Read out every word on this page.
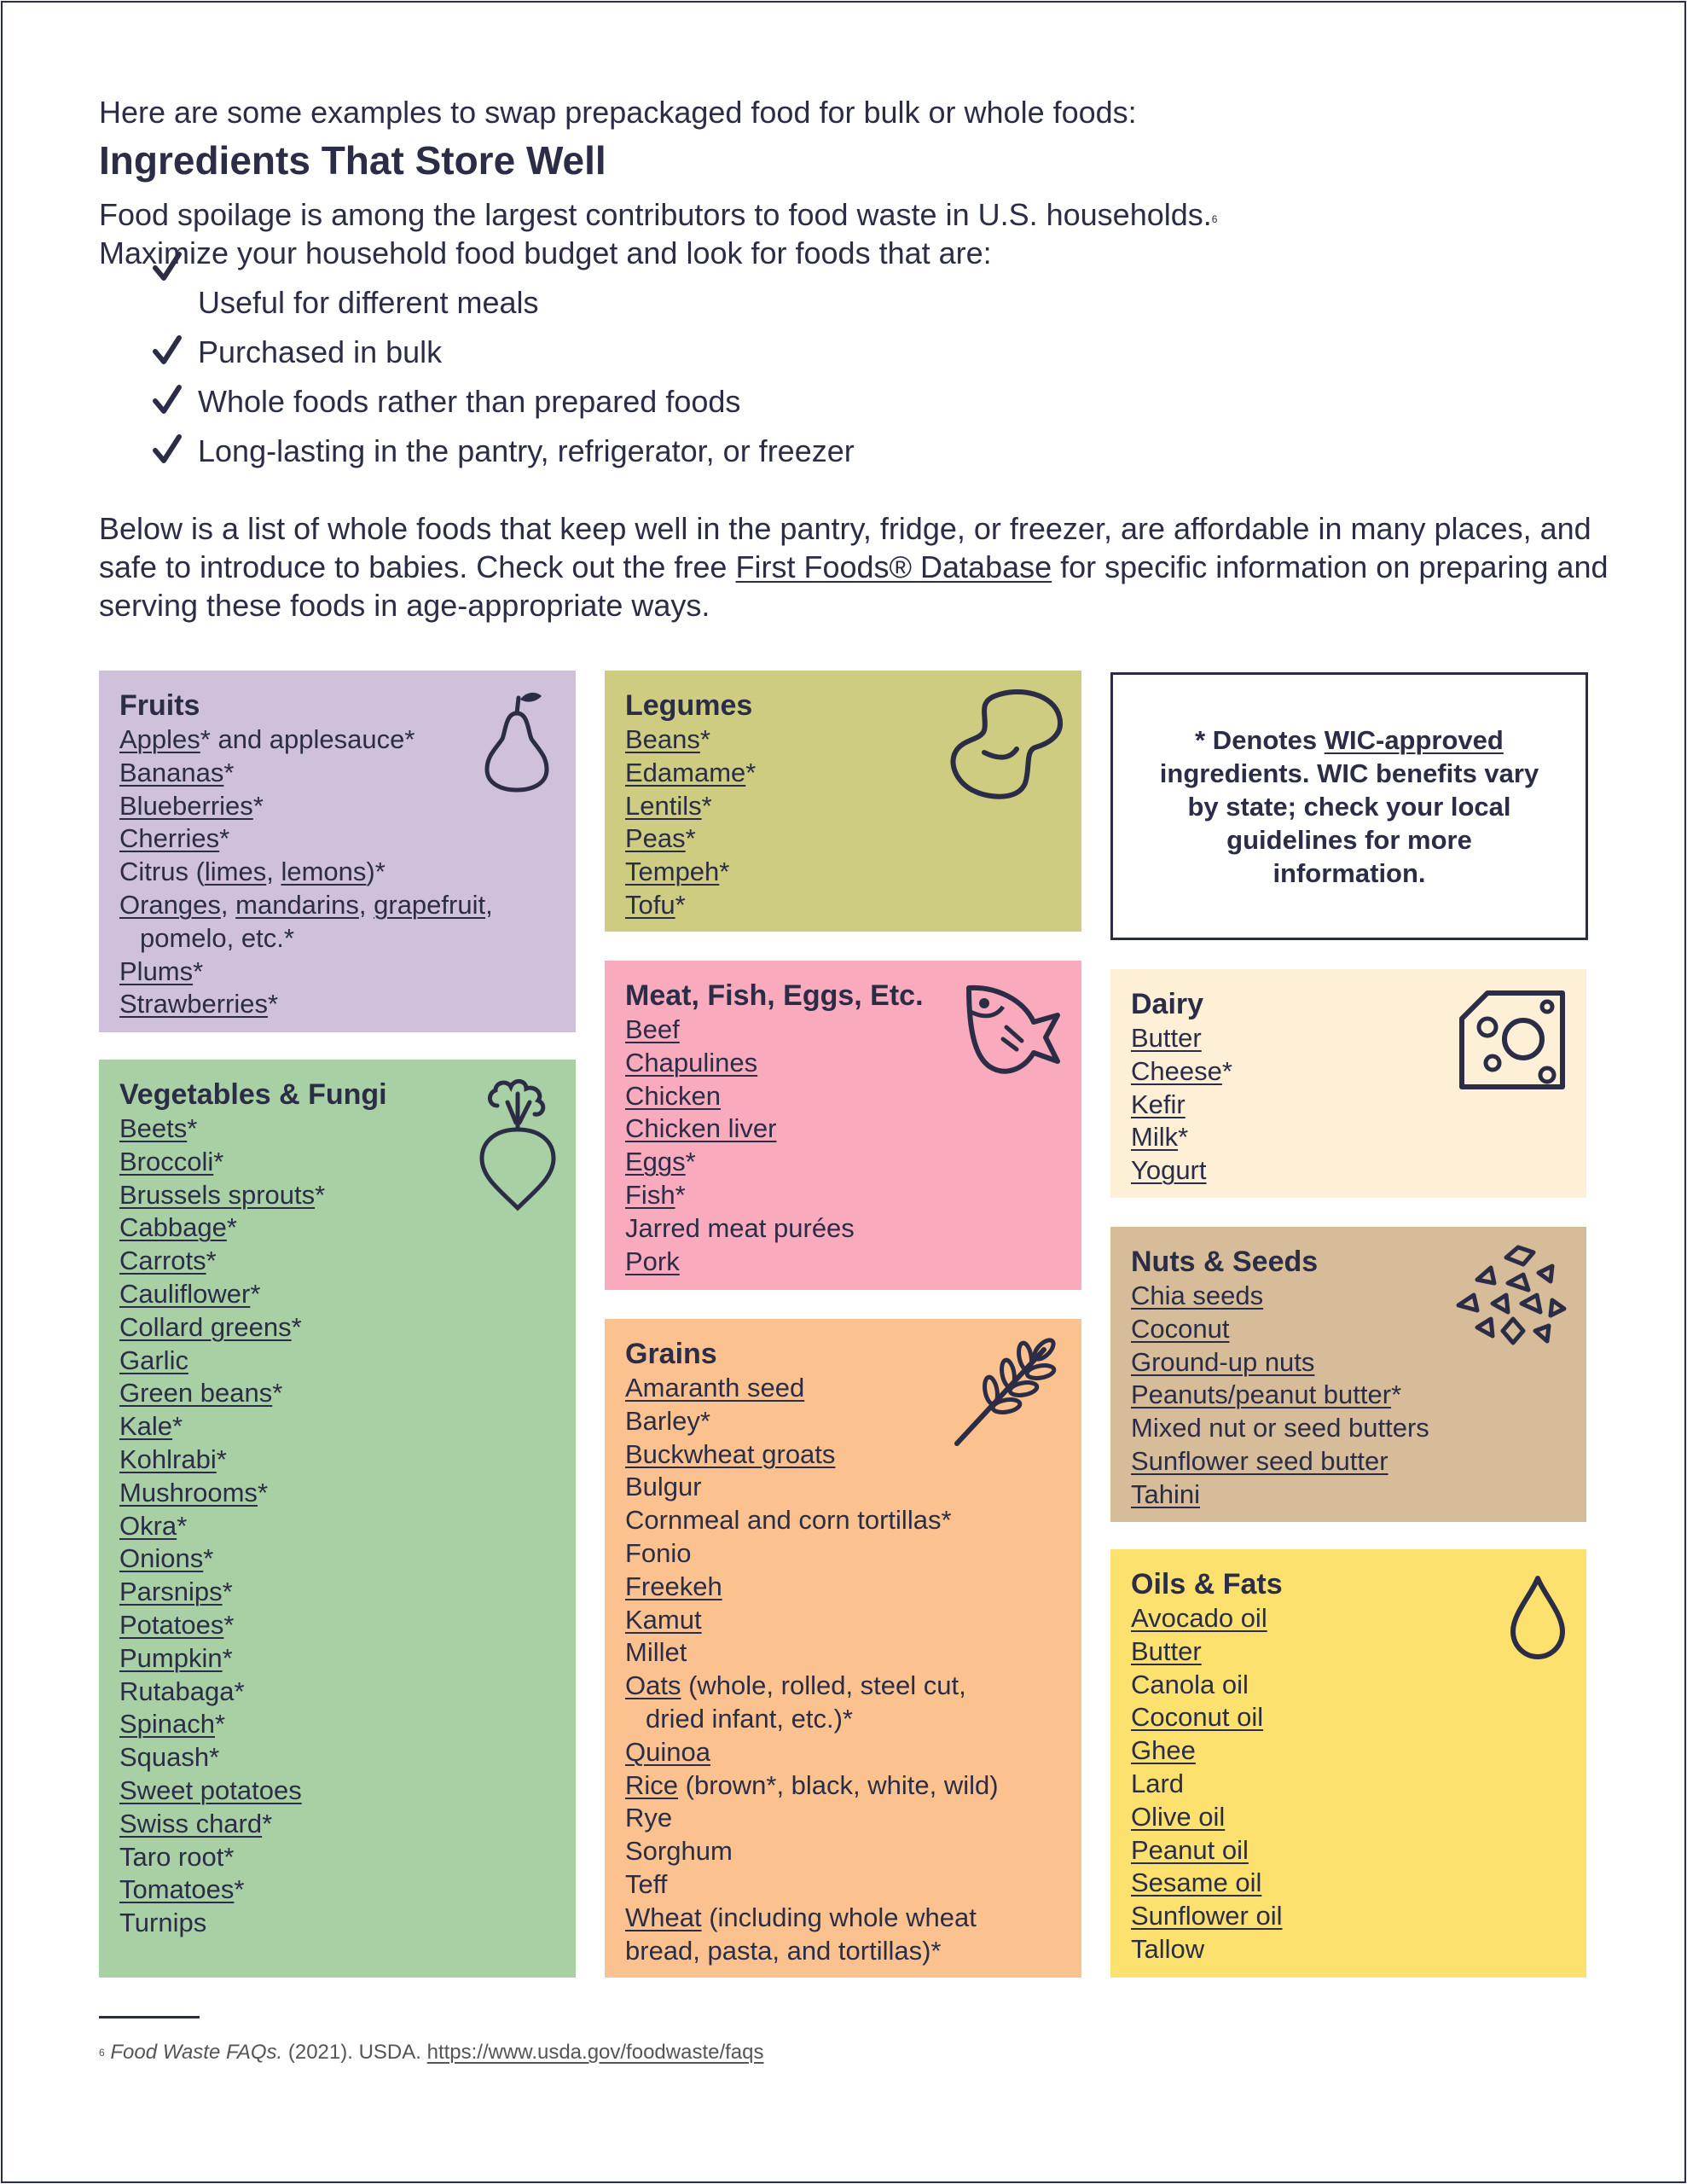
Here are some examples to swap prepackaged food for bulk or whole foods:

Ingredients That Store Well

Food spoilage is among the largest contributors to food waste in U.S. households.$^6$
Maximize your household food budget and look for foods that are:

Useful for different meals
Purchased in bulk
Whole foods rather than prepared foods
Long-lasting in the pantry, refrigerator, or freezer

Below is a list of whole foods that keep well in the pantry, fridge, or freezer, are affordable in many places, and safe to introduce to babies. Check out the free First Foods® Database for specific information on preparing and serving these foods in age-appropriate ways.

Fruits
Apples* and applesauce*
Bananas*
Blueberries*
Cherries*
Citrus (limes, lemons)*
Oranges, mandarins, grapefruit,
pomelo, etc.*
Plums*
Strawberries*
Vegetables & Fungi
Beets*
Broccoli*
Brussels sprouts*
Cabbage*
Carrots*
Cauliflower*
Collard greens*
Garlic
Green beans*
Kale*
Kohlrabi*
Mushrooms*
Okra*
Onions*
Parsnips*
Potatoes*
Pumpkin*
Rutabaga*
Spinach*
Squash*
Sweet potatoes
Swiss chard*
Taro root*
Tomatoes*
Turnips
Legumes
Beans*
Edamame*
Lentils*
Peas*
Tempeh*
Tofu*
Meat, Fish, Eggs, Etc.
Beef
Chapulines
Chicken
Chicken liver
Eggs*
Fish*
Jarred meat purées
Pork
Grains
Amaranth seed
Barley*
Buckwheat groats
Bulgur
Cornmeal and corn tortillas*
Fonio
Freekeh
Kamut
Millet
Oats (whole, rolled, steel cut,
dried infant, etc.)*
Quinoa
Rice (brown*, black, white, wild)
Rye
Sorghum
Teff
Wheat (including whole wheat
bread, pasta, and tortillas)*
* Denotes WIC-approved ingredients. WIC benefits vary by state; check your local guidelines for more information.
Dairy
Butter
Cheese*
Kefir
Milk*
Yogurt
Nuts & Seeds
Chia seeds
Coconut
Ground-up nuts
Peanuts/peanut butter*
Mixed nut or seed butters
Sunflower seed butter
Tahini
Oils & Fats
Avocado oil
Butter
Canola oil
Coconut oil
Ghee
Lard
Olive oil
Peanut oil
Sesame oil
Sunflower oil
Tallow

$^6$ Food Waste FAQs. (2021). USDA. https://www.usda.gov/foodwaste/faqs
